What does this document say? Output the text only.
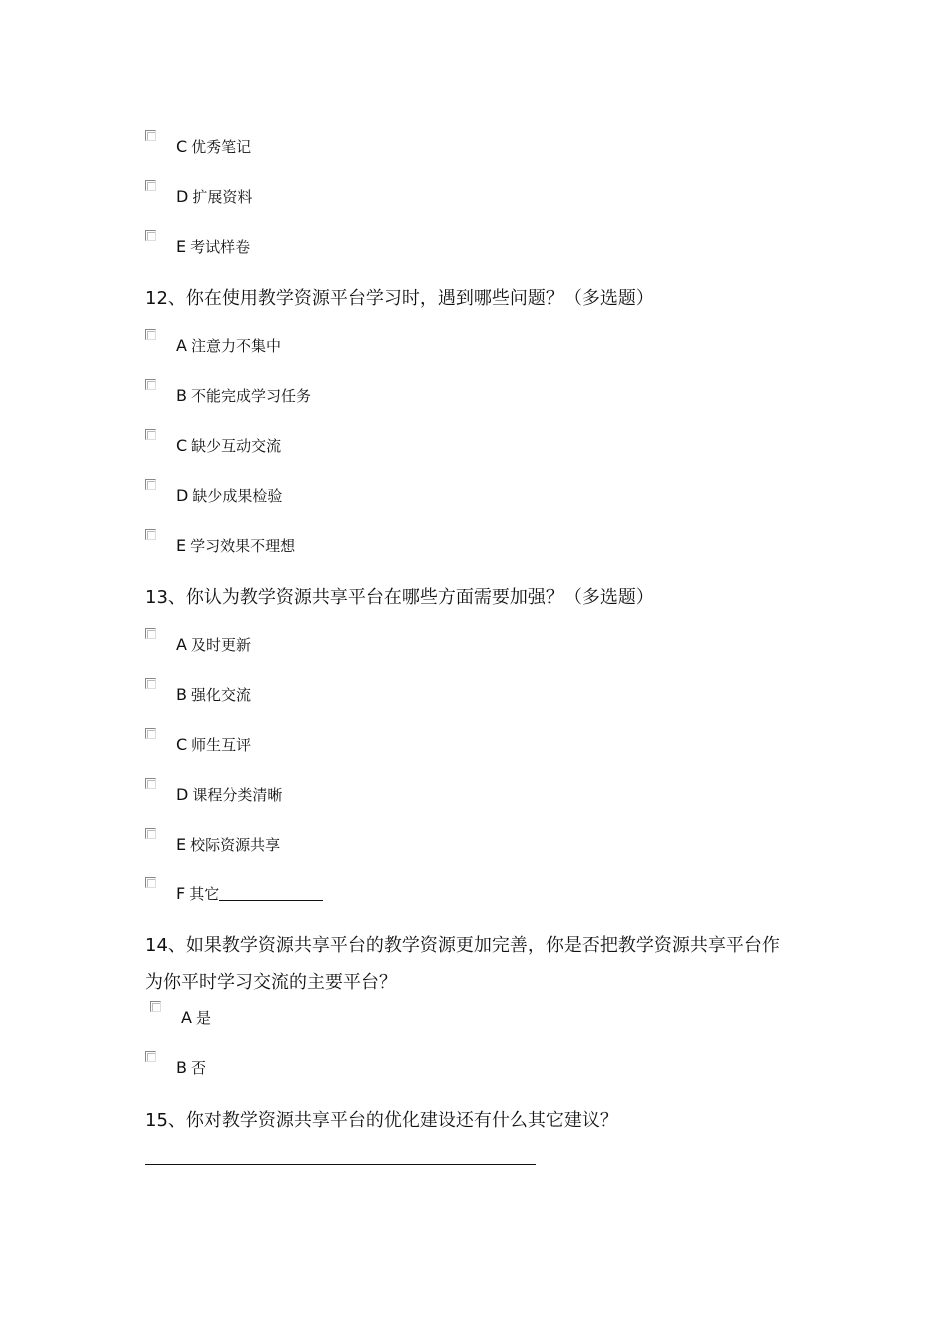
C 优秀笔记
D 扩展资料
E 考试样卷
12、你在使用教学资源平台学习时，遇到哪些问题？（多选题）
A 注意力不集中
B 不能完成学习任务
C 缺少互动交流
D 缺少成果检验
E 学习效果不理想
13、你认为教学资源共享平台在哪些方面需要加强？（多选题）
A 及时更新
B 强化交流
C 师生互评
D 课程分类清晰
E 校际资源共享
F 其它
14、如果教学资源共享平台的教学资源更加完善，你是否把教学资源共享平台作
为你平时学习交流的主要平台？
A 是
B 否
15、你对教学资源共享平台的优化建设还有什么其它建议？
